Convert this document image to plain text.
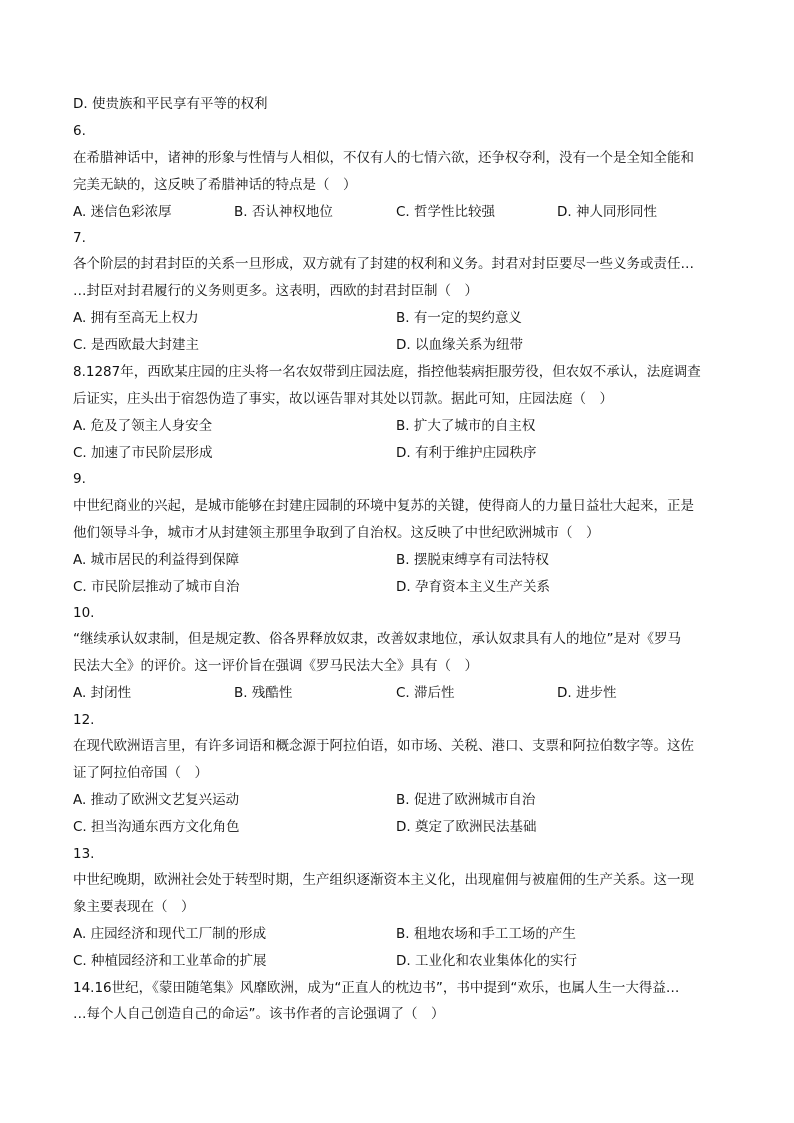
D. 使贵族和平民享有平等的权利
6.
在希腊神话中，诸神的形象与性情与人相似，不仅有人的七情六欲，还争权夺利，没有一个是全知全能和
完美无缺的，这反映了希腊神话的特点是（　）
A. 迷信色彩浓厚	B. 否认神权地位	C. 哲学性比较强	D. 神人同形同性
7.
各个阶层的封君封臣的关系一旦形成，双方就有了封建的权利和义务。封君对封臣要尽一些义务或责任…
…封臣对封君履行的义务则更多。这表明，西欧的封君封臣制（　）
A. 拥有至高无上权力	B. 有一定的契约意义
C. 是西欧最大封建主	D. 以血缘关系为纽带
8.1287年，西欧某庄园的庄头将一名农奴带到庄园法庭，指控他装病拒服劳役，但农奴不承认，法庭调查
后证实，庄头出于宿怨伪造了事实，故以诬告罪对其处以罚款。据此可知，庄园法庭（　）
A. 危及了领主人身安全	B. 扩大了城市的自主权
C. 加速了市民阶层形成	D. 有利于维护庄园秩序
9.
中世纪商业的兴起，是城市能够在封建庄园制的环境中复苏的关键，使得商人的力量日益壮大起来，正是
他们领导斗争，城市才从封建领主那里争取到了自治权。这反映了中世纪欧洲城市（　）
A. 城市居民的利益得到保障	B. 摆脱束缚享有司法特权
C. 市民阶层推动了城市自治	D. 孕育资本主义生产关系
10.
“继续承认奴隶制，但是规定教、俗各界释放奴隶，改善奴隶地位，承认奴隶具有人的地位”是对《罗马
民法大全》的评价。这一评价旨在强调《罗马民法大全》具有（　）
A. 封闭性	B. 残酷性	C. 滞后性	D. 进步性
12.
在现代欧洲语言里，有许多词语和概念源于阿拉伯语，如市场、关税、港口、支票和阿拉伯数字等。这佐
证了阿拉伯帝国（　）
A. 推动了欧洲文艺复兴运动	B. 促进了欧洲城市自治
C. 担当沟通东西方文化角色	D. 奠定了欧洲民法基础
13.
中世纪晚期，欧洲社会处于转型时期，生产组织逐渐资本主义化，出现雇佣与被雇佣的生产关系。这一现
象主要表现在（　）
A. 庄园经济和现代工厂制的形成	B. 租地农场和手工工场的产生
C. 种植园经济和工业革命的扩展	D. 工业化和农业集体化的实行
14.16世纪，《蒙田随笔集》风靡欧洲，成为“正直人的枕边书”，书中提到“欢乐，也属人生一大得益…
…每个人自己创造自己的命运”。该书作者的言论强调了（　）
